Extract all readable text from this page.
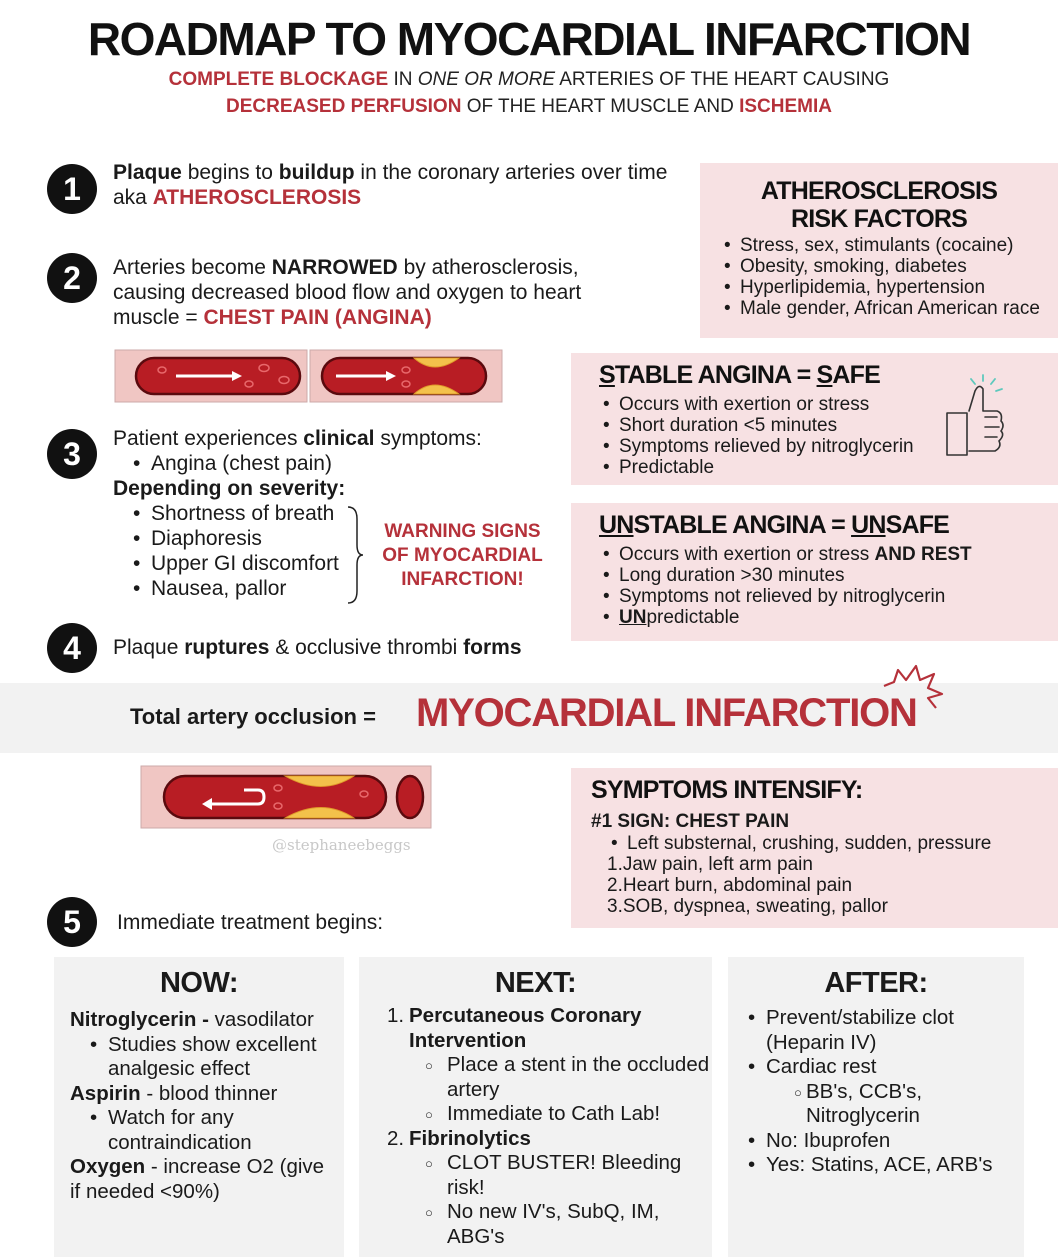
ROADMAP TO MYOCARDIAL INFARCTION
COMPLETE BLOCKAGE IN ONE OR MORE ARTERIES OF THE HEART CAUSING
DECREASED PERFUSION OF THE HEART MUSCLE AND ISCHEMIA
1	Plaque begins to buildup in the coronary arteries over time aka ATHEROSCLEROSIS
2	Arteries become NARROWED by atherosclerosis, causing decreased blood flow and oxygen to heart muscle = CHEST PAIN (ANGINA)
3	Patient experiences clinical symptoms:
• Angina (chest pain)
Depending on severity:
• Shortness of breath
• Diaphoresis
• Upper GI discomfort
• Nausea, pallor
WARNING SIGNS
OF MYOCARDIAL
INFARCTION!
4	Plaque ruptures & occlusive thrombi forms
ATHEROSCLEROSIS
RISK FACTORS
• Stress, sex, stimulants (cocaine)
• Obesity, smoking, diabetes
• Hyperlipidemia, hypertension
• Male gender, African American race
STABLE ANGINA = SAFE
• Occurs with exertion or stress
• Short duration <5 minutes
• Symptoms relieved by nitroglycerin
• Predictable
UNSTABLE ANGINA = UNSAFE
• Occurs with exertion or stress AND REST
• Long duration >30 minutes
• Symptoms not relieved by nitroglycerin
• UNpredictable
Total artery occlusion = MYOCARDIAL INFARCTION
@stephaneebeggs
SYMPTOMS INTENSIFY:
#1 SIGN: CHEST PAIN
• Left substernal, crushing, sudden, pressure
1.Jaw pain, left arm pain
2.Heart burn, abdominal pain
3.SOB, dyspnea, sweating, pallor
5	Immediate treatment begins:
NOW:
Nitroglycerin - vasodilator
• Studies show excellent analgesic effect
Aspirin - blood thinner
• Watch for any contraindication
Oxygen - increase O2 (give if needed <90%)
NEXT:
1. Percutaneous Coronary Intervention
○ Place a stent in the occluded artery
○ Immediate to Cath Lab!
2. Fibrinolytics
○ CLOT BUSTER! Bleeding risk!
○ No new IV's, SubQ, IM, ABG's
AFTER:
• Prevent/stabilize clot (Heparin IV)
• Cardiac rest
○ BB's, CCB's, Nitroglycerin
• No: Ibuprofen
• Yes: Statins, ACE, ARB's
